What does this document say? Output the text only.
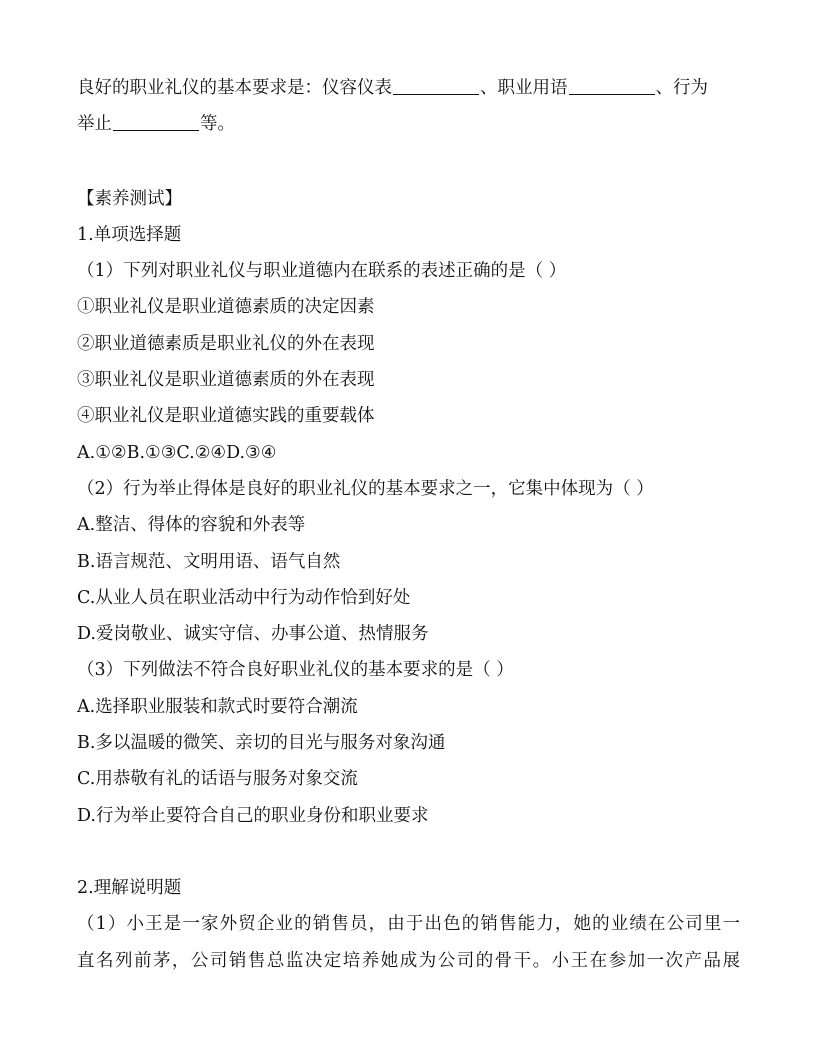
良好的职业礼仪的基本要求是：仪容仪表	、职业用语	、行为
举止	等。
【素养测试】
1.单项选择题
（1）下列对职业礼仪与职业道德内在联系的表述正确的是（ ）
①职业礼仪是职业道德素质的决定因素
②职业道德素质是职业礼仪的外在表现
③职业礼仪是职业道德素质的外在表现
④职业礼仪是职业道德实践的重要载体
A.①②B.①③C.②④D.③④
（2）行为举止得体是良好的职业礼仪的基本要求之一，它集中体现为（ ）
A.整洁、得体的容貌和外表等
B.语言规范、文明用语、语气自然
C.从业人员在职业活动中行为动作恰到好处
D.爱岗敬业、诚实守信、办事公道、热情服务
（3）下列做法不符合良好职业礼仪的基本要求的是（ ）
A.选择职业服装和款式时要符合潮流
B.多以温暖的微笑、亲切的目光与服务对象沟通
C.用恭敬有礼的话语与服务对象交流
D.行为举止要符合自己的职业身份和职业要求
2.理解说明题
（1）小王是一家外贸企业的销售员，由于出色的销售能力，她的业绩在公司里一
直名列前茅，公司销售总监决定培养她成为公司的骨干。小王在参加一次产品展
